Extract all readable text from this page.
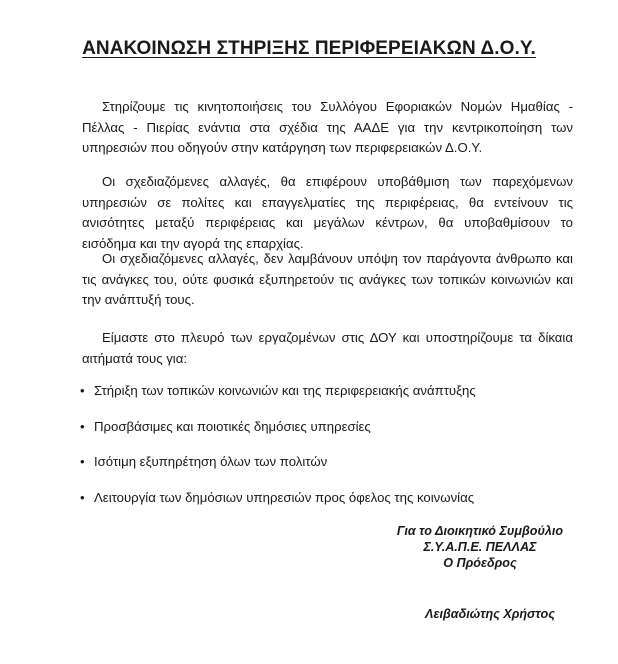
ΑΝΑΚΟΙΝΩΣΗ ΣΤΗΡΙΞΗΣ ΠΕΡΙΦΕΡΕΙΑΚΩΝ Δ.Ο.Υ.
Στηρίζουμε τις κινητοποιήσεις του Συλλόγου Εφοριακών Νομών Ημαθίας - Πέλλας - Πιερίας ενάντια στα σχέδια της ΑΑΔΕ για την κεντρικοποίηση των υπηρεσιών που οδηγούν στην κατάργηση των περιφερειακών Δ.Ο.Υ.
Οι σχεδιαζόμενες αλλαγές, θα επιφέρουν υποβάθμιση των παρεχόμενων υπηρεσιών σε πολίτες και επαγγελματίες της περιφέρειας, θα εντείνουν τις ανισότητες μεταξύ περιφέρειας και μεγάλων κέντρων, θα υποβαθμίσουν το εισόδημα και την αγορά της επαρχίας.
Οι σχεδιαζόμενες αλλαγές, δεν λαμβάνουν υπόψη τον παράγοντα άνθρωπο και τις ανάγκες του, ούτε φυσικά εξυπηρετούν τις ανάγκες των τοπικών κοινωνιών και την ανάπτυξή τους.
Είμαστε στο πλευρό των εργαζομένων στις ΔΟΥ και υποστηρίζουμε τα δίκαια αιτήματά τους για:
• Στήριξη των τοπικών κοινωνιών και της περιφερειακής ανάπτυξης
• Προσβάσιμες και ποιοτικές δημόσιες υπηρεσίες
• Ισότιμη εξυπηρέτηση όλων των πολιτών
• Λειτουργία των δημόσιων υπηρεσιών προς όφελος της κοινωνίας
Για το Διοικητικό Συμβούλιο
Σ.Υ.Α.Π.Ε. ΠΕΛΛΑΣ
Ο Πρόεδρος
Λειβαδιώτης Χρήστος
